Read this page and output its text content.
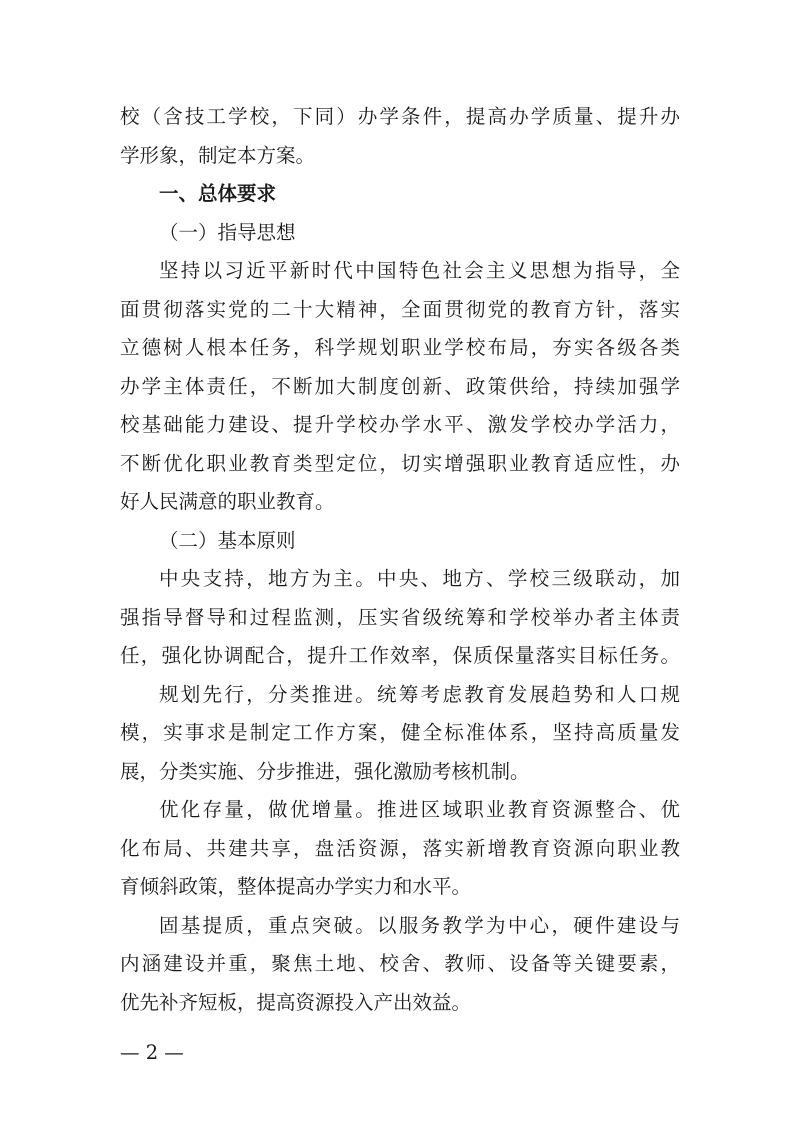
校（含技工学校，下同）办学条件，提高办学质量、提升办
学形象，制定本方案。
一、总体要求
（一）指导思想
坚持以习近平新时代中国特色社会主义思想为指导，全
面贯彻落实党的二十大精神，全面贯彻党的教育方针，落实
立德树人根本任务，科学规划职业学校布局，夯实各级各类
办学主体责任，不断加大制度创新、政策供给，持续加强学
校基础能力建设、提升学校办学水平、激发学校办学活力，
不断优化职业教育类型定位，切实增强职业教育适应性，办
好人民满意的职业教育。
（二）基本原则
中央支持，地方为主。中央、地方、学校三级联动，加
强指导督导和过程监测，压实省级统筹和学校举办者主体责
任，强化协调配合，提升工作效率，保质保量落实目标任务。
规划先行，分类推进。统筹考虑教育发展趋势和人口规
模，实事求是制定工作方案，健全标准体系，坚持高质量发
展，分类实施、分步推进，强化激励考核机制。
优化存量，做优增量。推进区域职业教育资源整合、优
化布局、共建共享，盘活资源，落实新增教育资源向职业教
育倾斜政策，整体提高办学实力和水平。
固基提质，重点突破。以服务教学为中心，硬件建设与
内涵建设并重，聚焦土地、校舍、教师、设备等关键要素，
优先补齐短板，提高资源投入产出效益。
— 2 —
